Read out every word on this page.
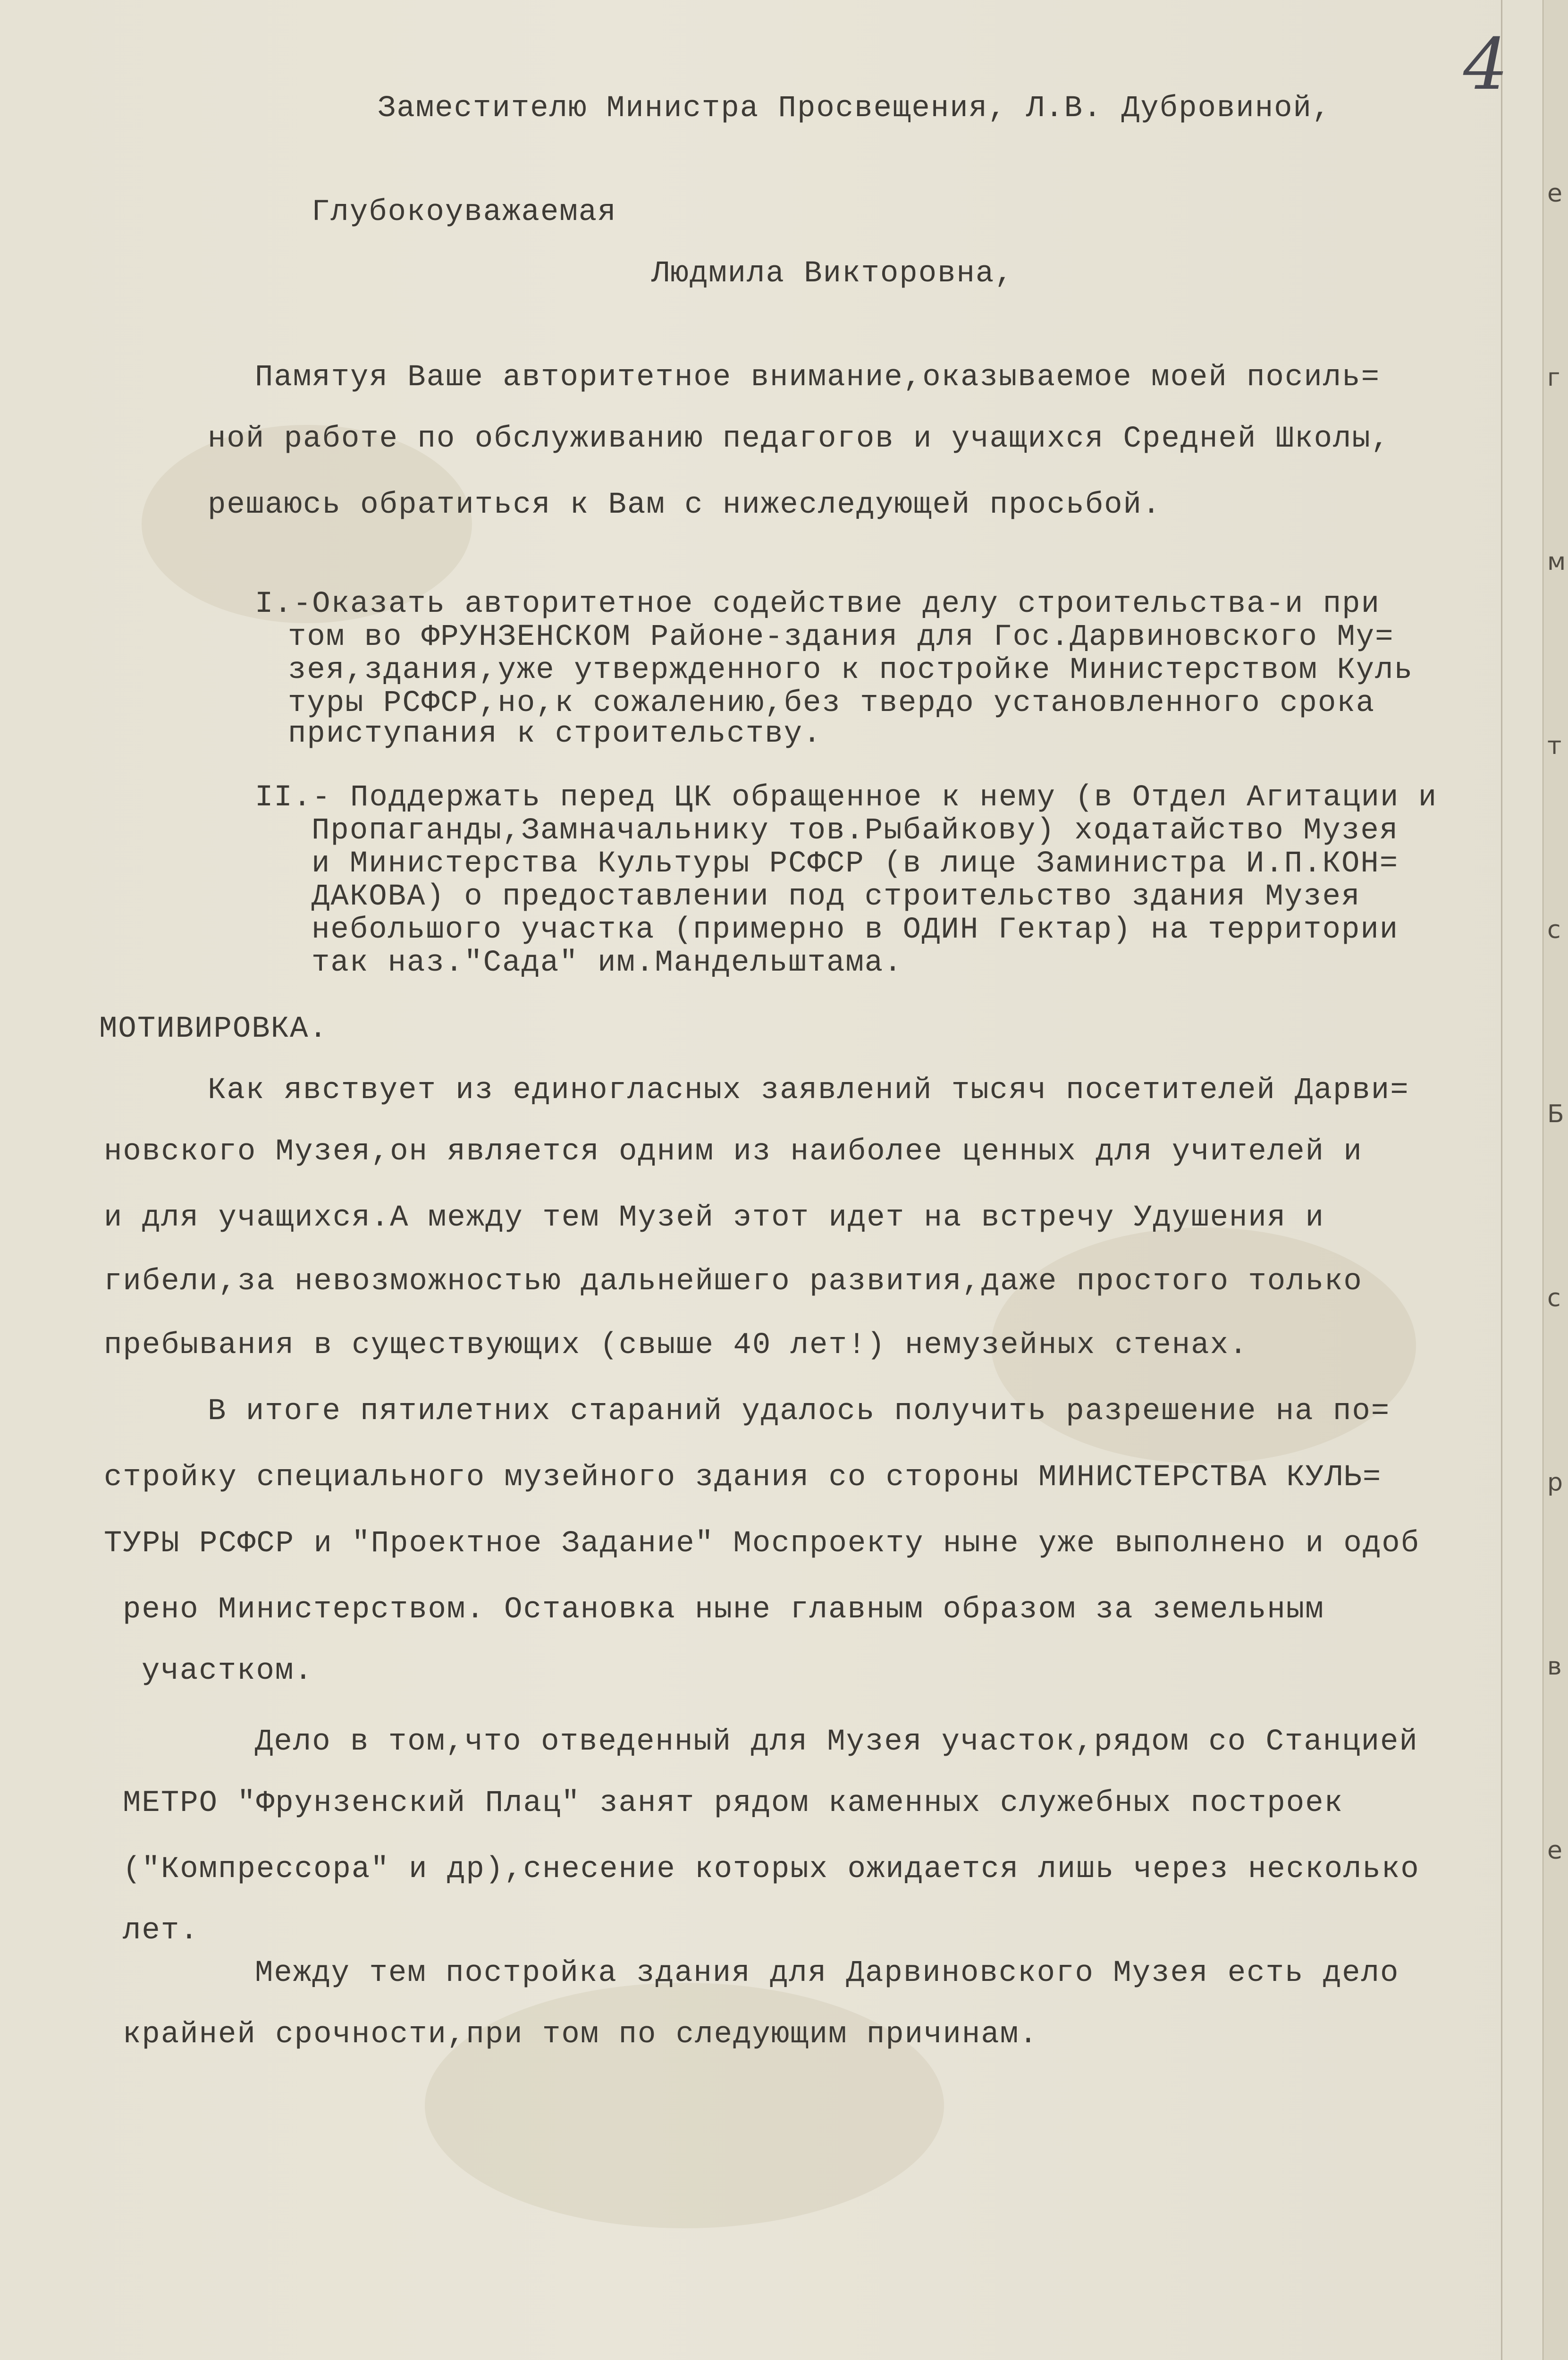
4
Заместителю Министра Просвещения, Л.В. Дубровиной,
Глубокоуважаемая
Людмила Викторовна,
Памятуя Ваше авторитетное внимание,оказываемое моей посиль=
ной работе по обслуживанию педагогов и учащихся Средней Школы,
решаюсь обратиться к Вам с нижеследующей просьбой.
I.-Оказать авторитетное содействие делу строительства-и при
том во ФРУНЗЕНСКОМ Районе-здания для Гос.Дарвиновского Му=
зея,здания,уже утвержденного к постройке Министерством Куль
туры РСФСР,но,к сожалению,без твердо установленного срока
приступания к строительству.
II.- Поддержать перед ЦК обращенное к нему (в Отдел Агитации и
Пропаганды,Замначальнику тов.Рыбайкову) ходатайство Музея
и Министерства Культуры РСФСР (в лице Заминистра И.П.КОН=
ДАКОВА) о предоставлении под строительство здания Музея
небольшого участка (примерно в ОДИН Гектар) на территории
так наз."Сада" им.Мандельштама.
МОТИВИРОВКА.
Как явствует из единогласных заявлений тысяч посетителей Дарви=
новского Музея,он является одним из наиболее ценных для учителей и
и для учащихся.А между тем Музей этот идет на встречу Удушения и
гибели,за невозможностью дальнейшего развития,даже простого только
пребывания в существующих (свыше 40 лет!) немузейных стенах.
В итоге пятилетних стараний удалось получить разрешение на по=
стройку специального музейного здания со стороны МИНИСТЕРСТВА КУЛЬ=
ТУРЫ РСФСР и "Проектное Задание" Моспроекту ныне уже выполнено и одоб
рено Министерством. Остановка ныне главным образом за земельным
участком.
Дело в том,что отведенный для Музея участок,рядом со Станцией
МЕТРО "Фрунзенский Плац" занят рядом каменных служебных построек
("Компрессора" и др),снесение которых ожидается лишь через несколько
лет.
Между тем постройка здания для Дарвиновского Музея есть дело
крайней срочности,при том по следующим причинам.
е
г
м
т
с
Б
с
р
в
е
